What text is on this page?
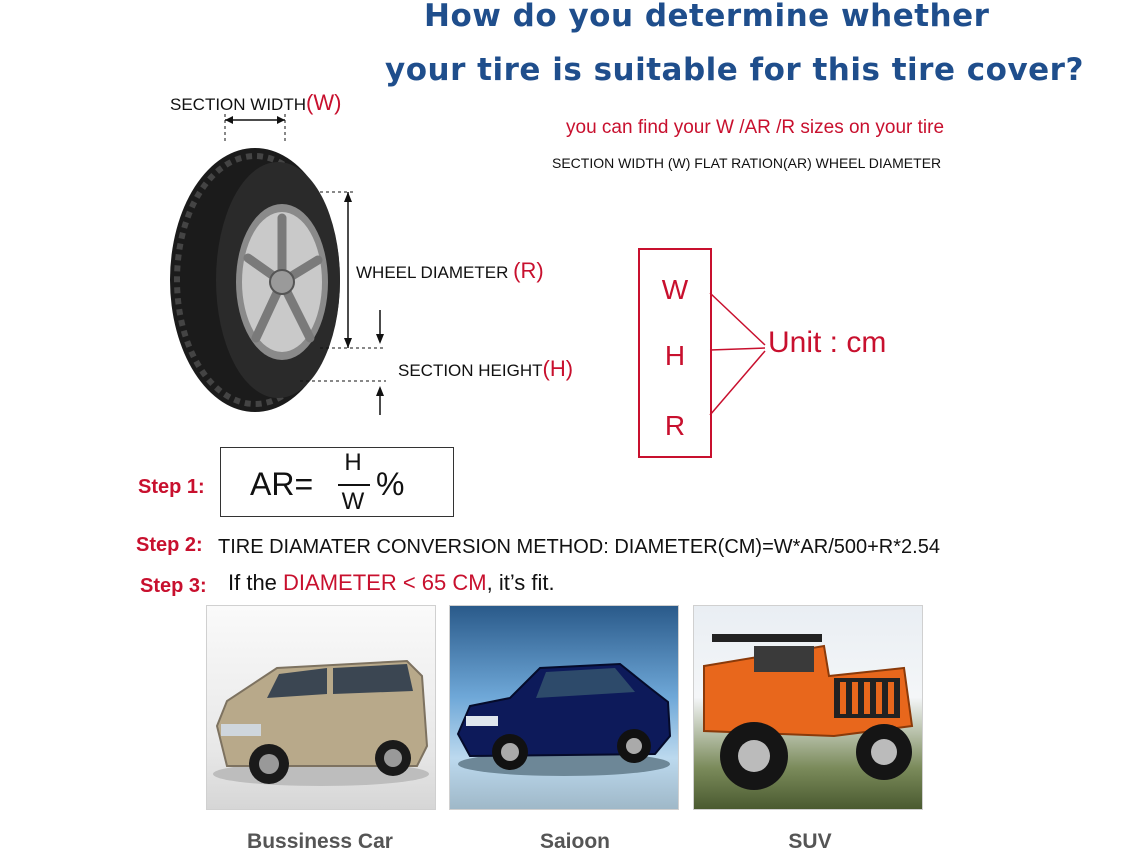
How do you determine whether
your tire is suitable for this tire cover?
you can find your W /AR /R sizes on your tire
SECTION WIDTH (W) FLAT RATION(AR) WHEEL DIAMETER
SECTION WIDTH(W)
WHEEL DIAMETER (R)
SECTION HEIGHT(H)
W
H
R
Unit : cm
Step 1: AR=
H
W %
Step 2: TIRE DIAMATER CONVERSION METHOD: DIAMETER(CM)=W*AR/500+R*2.54
Step 3: If the DIAMETER < 65 CM, it’s fit.
Bussiness Car	Saioon	SUV
